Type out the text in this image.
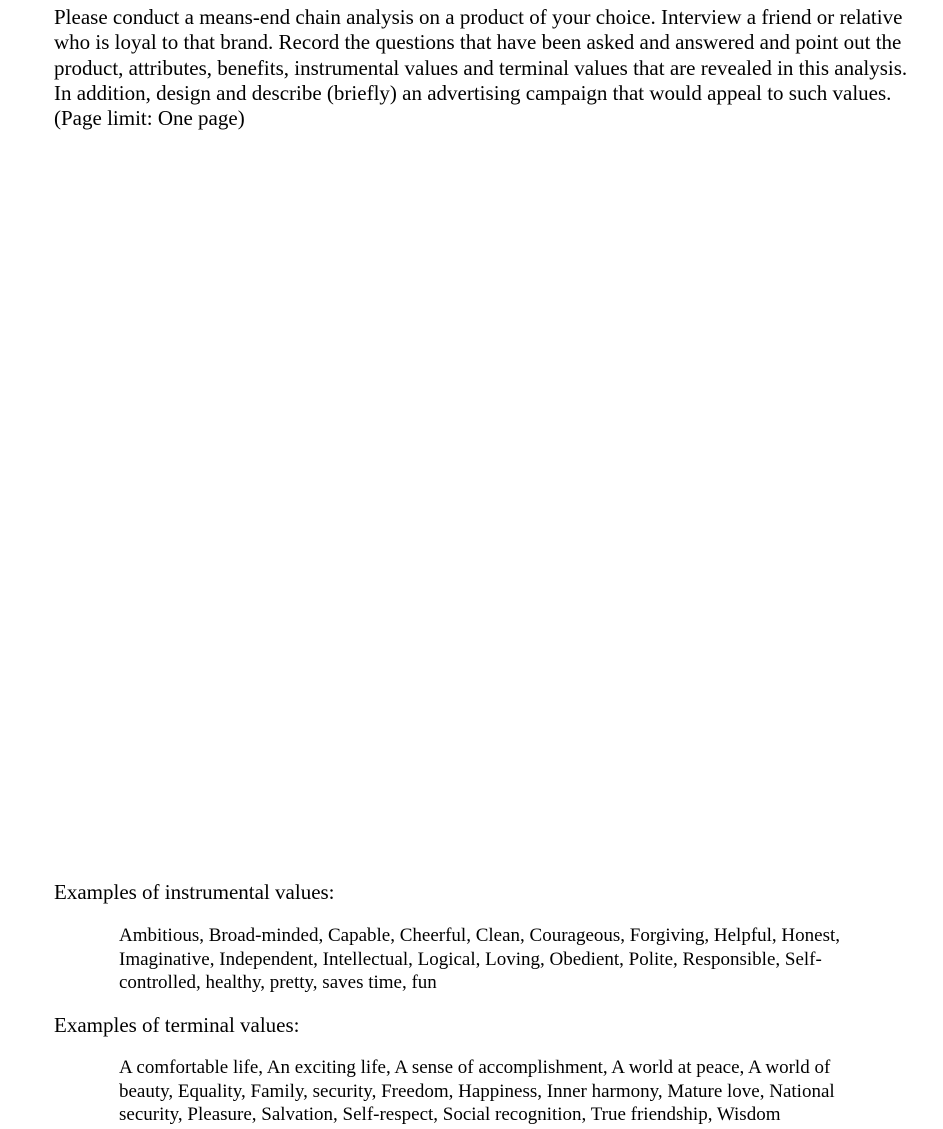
Please conduct a means-end chain analysis on a product of your choice. Interview a friend or relative who is loyal to that brand. Record the questions that have been asked and answered and point out the product, attributes, benefits, instrumental values and terminal values that are revealed in this analysis. In addition, design and describe (briefly) an advertising campaign that would appeal to such values. (Page limit: One page)

Examples of instrumental values:

Ambitious, Broad-minded, Capable, Cheerful, Clean, Courageous, Forgiving, Helpful, Honest, Imaginative, Independent, Intellectual, Logical, Loving, Obedient, Polite, Responsible, Self-controlled, healthy, pretty, saves time, fun

Examples of terminal values:

A comfortable life, An exciting life, A sense of accomplishment, A world at peace, A world of beauty, Equality, Family, security, Freedom, Happiness, Inner harmony, Mature love, National security, Pleasure, Salvation, Self-respect, Social recognition, True friendship, Wisdom
